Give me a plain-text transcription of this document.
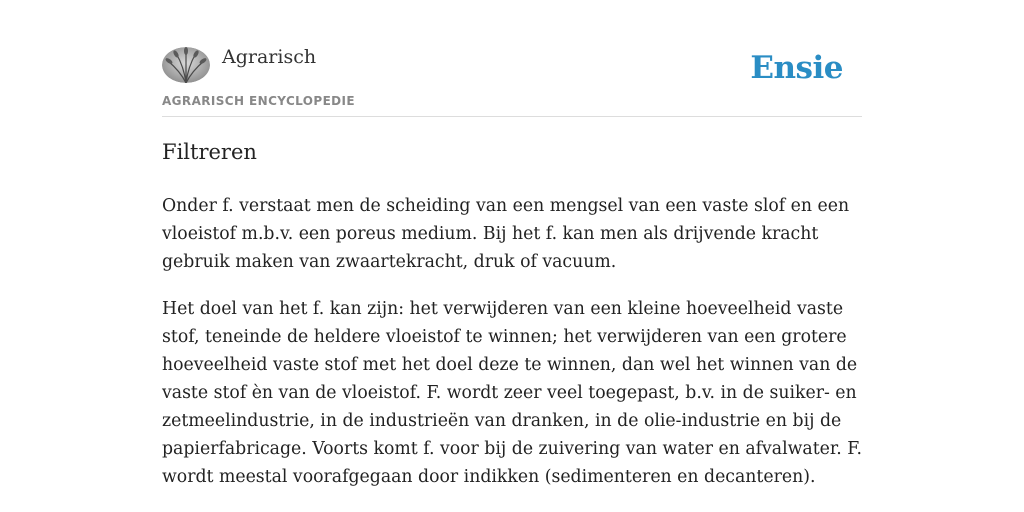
Agrarisch
AGRARISCH ENCYCLOPEDIE
Ensie
Filtreren

Onder f. verstaat men de scheiding van een mengsel van een vaste slof en een vloeistof m.b.v. een poreus medium. Bij het f. kan men als drijvende kracht gebruik maken van zwaartekracht, druk of vacuum.

Het doel van het f. kan zijn: het verwijderen van een kleine hoeveelheid vaste stof, teneinde de heldere vloeistof te winnen; het verwijderen van een grotere hoeveelheid vaste stof met het doel deze te winnen, dan wel het winnen van de vaste stof èn van de vloeistof. F. wordt zeer veel toegepast, b.v. in de suiker- en zetmeelindustrie, in de industrieën van dranken, in de olie-industrie en bij de papierfabricage. Voorts komt f. voor bij de zuivering van water en afvalwater. F. wordt meestal voorafgegaan door indikken (sedimenteren en decanteren).
